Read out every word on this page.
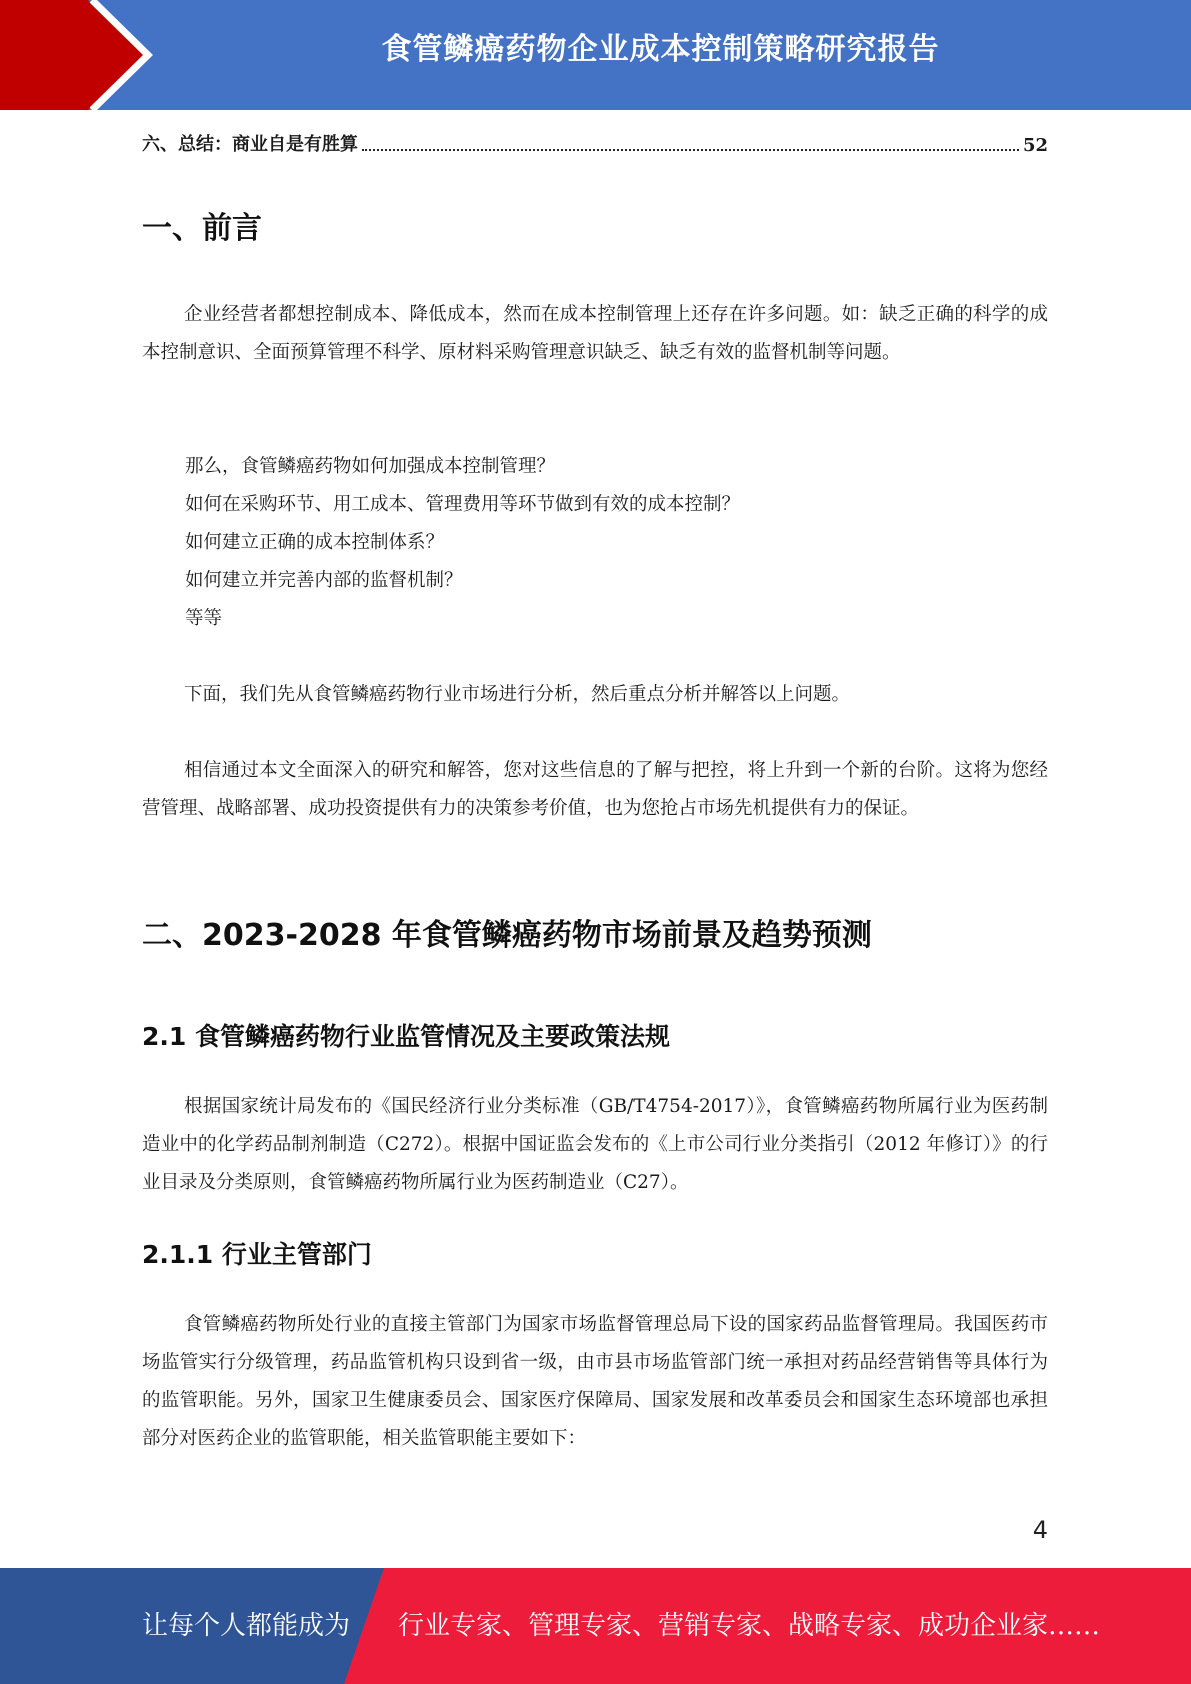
食管鳞癌药物企业成本控制策略研究报告
六、总结：商业自是有胜算	52
一、前言

企业经营者都想控制成本、降低成本，然而在成本控制管理上还存在许多问题。如：缺乏正确的科学的成本控制意识、全面预算管理不科学、原材料采购管理意识缺乏、缺乏有效的监督机制等问题。

那么，食管鳞癌药物如何加强成本控制管理？
如何在采购环节、用工成本、管理费用等环节做到有效的成本控制？
如何建立正确的成本控制体系？
如何建立并完善内部的监督机制？
等等

下面，我们先从食管鳞癌药物行业市场进行分析，然后重点分析并解答以上问题。

相信通过本文全面深入的研究和解答，您对这些信息的了解与把控，将上升到一个新的台阶。这将为您经营管理、战略部署、成功投资提供有力的决策参考价值，也为您抢占市场先机提供有力的保证。

二、2023-2028 年食管鳞癌药物市场前景及趋势预测
2.1 食管鳞癌药物行业监管情况及主要政策法规

根据国家统计局发布的《国民经济行业分类标准（GB/T4754-2017）》，食管鳞癌药物所属行业为医药制造业中的化学药品制剂制造（C272）。根据中国证监会发布的《上市公司行业分类指引（2012 年修订）》的行业目录及分类原则，食管鳞癌药物所属行业为医药制造业（C27）。

2.1.1 行业主管部门

食管鳞癌药物所处行业的直接主管部门为国家市场监督管理总局下设的国家药品监督管理局。我国医药市场监管实行分级管理，药品监管机构只设到省一级，由市县市场监管部门统一承担对药品经营销售等具体行为的监管职能。另外，国家卫生健康委员会、国家医疗保障局、国家发展和改革委员会和国家生态环境部也承担部分对医药企业的监管职能，相关监管职能主要如下：

4
让每个人都能成为 行业专家、管理专家、营销专家、战略专家、成功企业家……
